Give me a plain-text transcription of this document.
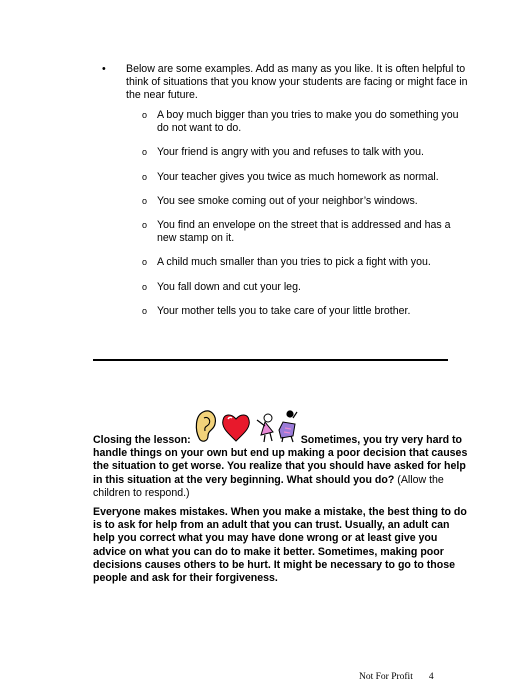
•	Below are some examples. Add as many as you like. It is often helpful to think of situations that you know your students are facing or might face in the near future.
o A boy much bigger than you tries to make you do something you do not want to do.
o Your friend is angry with you and refuses to talk with you.
o Your teacher gives you twice as much homework as normal.
o You see smoke coming out of your neighbor’s windows.
o You find an envelope on the street that is addressed and has a new stamp on it.
o A child much smaller than you tries to pick a fight with you.
o You fall down and cut your leg.
o Your mother tells you to take care of your little brother.
Closing the lesson:	Sometimes, you try very hard to handle things on your own but end up making a poor decision that causes the situation to get worse. You realize that you should have asked for help in this situation at the very beginning. What should you do? (Allow the children to respond.)
Everyone makes mistakes. When you make a mistake, the best thing to do is to ask for help from an adult that you can trust. Usually, an adult can help you correct what you may have done wrong or at least give you advice on what you can do to make it better. Sometimes, making poor decisions causes others to be hurt. It might be necessary to go to those people and ask for their forgiveness.
Not For Profit 4
